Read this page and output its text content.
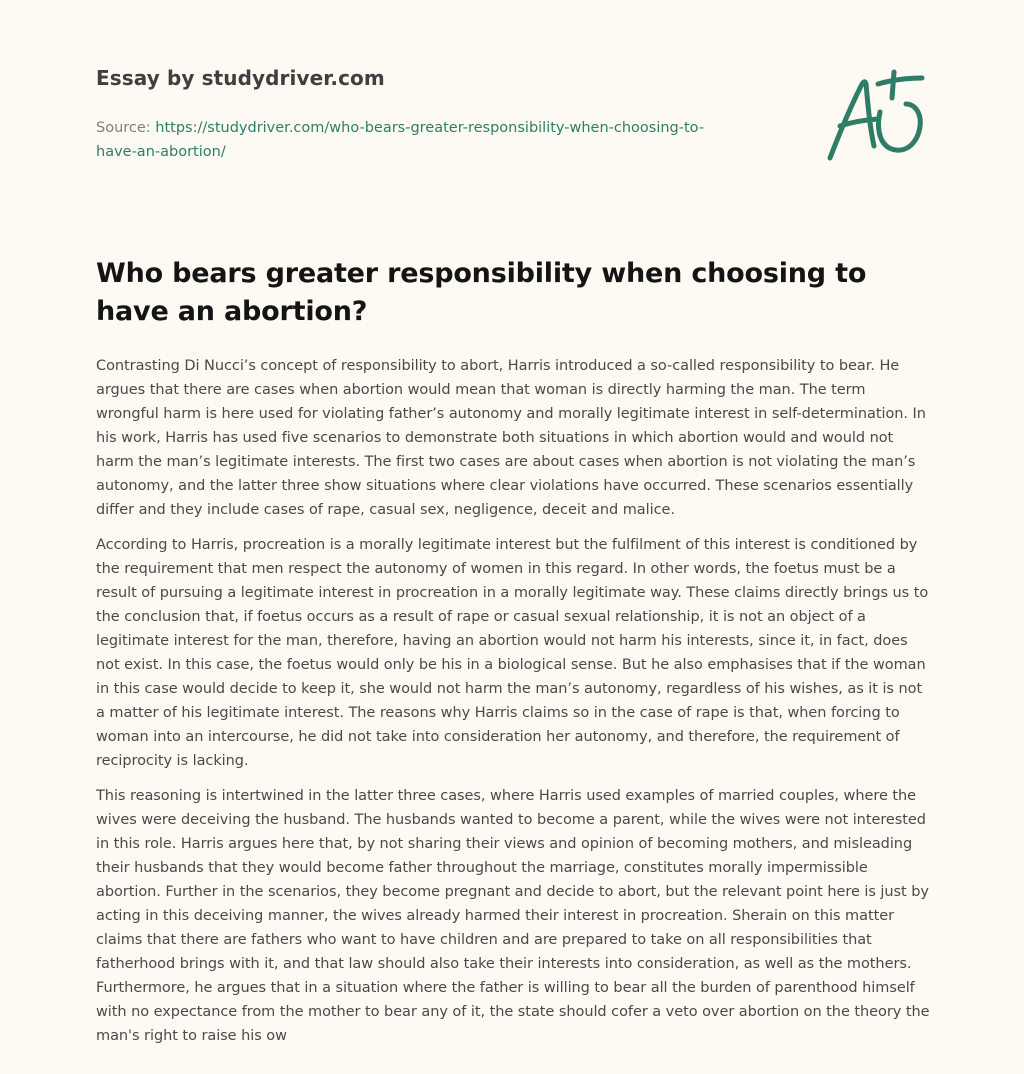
Essay by studydriver.com
Source: https://studydriver.com/who-bears-greater-responsibility-when-choosing-to-have-an-abortion/
Who bears greater responsibility when choosing to have an abortion?

Contrasting Di Nucci’s concept of responsibility to abort, Harris introduced a so-called responsibility to bear. He argues that there are cases when abortion would mean that woman is directly harming the man. The term wrongful harm is here used for violating father’s autonomy and morally legitimate interest in self-determination. In his work, Harris has used five scenarios to demonstrate both situations in which abortion would and would not harm the man’s legitimate interests. The first two cases are about cases when abortion is not violating the man’s autonomy, and the latter three show situations where clear violations have occurred. These scenarios essentially differ and they include cases of rape, casual sex, negligence, deceit and malice.

According to Harris, procreation is a morally legitimate interest but the fulfilment of this interest is conditioned by the requirement that men respect the autonomy of women in this regard. In other words, the foetus must be a result of pursuing a legitimate interest in procreation in a morally legitimate way. These claims directly brings us to the conclusion that, if foetus occurs as a result of rape or casual sexual relationship, it is not an object of a legitimate interest for the man, therefore, having an abortion would not harm his interests, since it, in fact, does not exist. In this case, the foetus would only be his in a biological sense. But he also emphasises that if the woman in this case would decide to keep it, she would not harm the man’s autonomy, regardless of his wishes, as it is not a matter of his legitimate interest. The reasons why Harris claims so in the case of rape is that, when forcing to woman into an intercourse, he did not take into consideration her autonomy, and therefore, the requirement of reciprocity is lacking.

This reasoning is intertwined in the latter three cases, where Harris used examples of married couples, where the wives were deceiving the husband. The husbands wanted to become a parent, while the wives were not interested in this role. Harris argues here that, by not sharing their views and opinion of becoming mothers, and misleading their husbands that they would become father throughout the marriage, constitutes morally impermissible abortion. Further in the scenarios, they become pregnant and decide to abort, but the relevant point here is just by acting in this deceiving manner, the wives already harmed their interest in procreation. Sherain on this matter claims that there are fathers who want to have children and are prepared to take on all responsibilities that fatherhood brings with it, and that law should also take their interests into consideration, as well as the mothers. Furthermore, he argues that in a situation where the father is willing to bear all the burden of parenthood himself with no expectance from the mother to bear any of it, the state should cofer a veto over abortion on the theory the man's right to raise his ow
